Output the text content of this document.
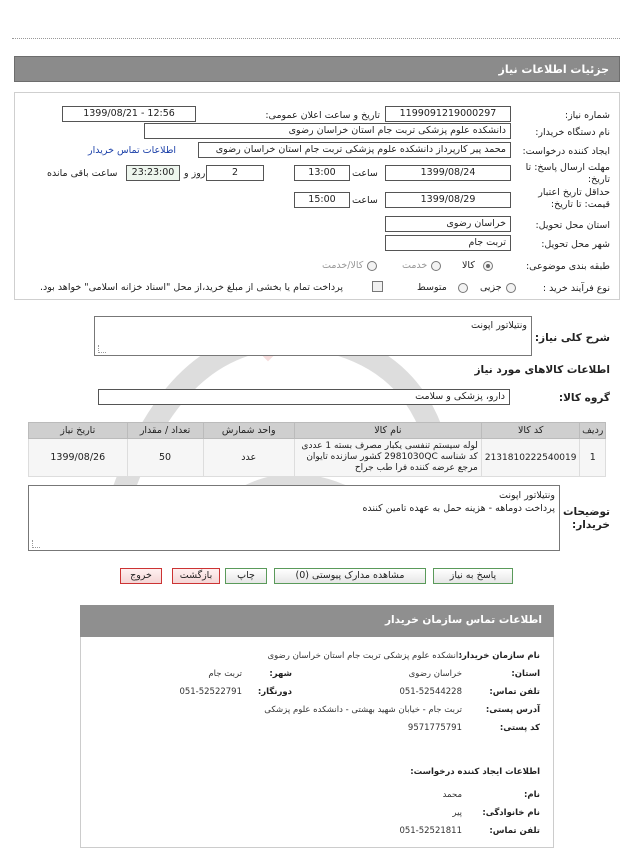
جزئیات اطلاعات نیاز
شماره نیاز:
1199091219000297
تاریخ و ساعت اعلان عمومی:
1399/08/21 - 12:56
نام دستگاه خریدار:
دانشکده علوم پزشکی تربت جام استان خراسان رضوی
ایجاد کننده درخواست:
محمد پیر کارپرداز دانشکده علوم پزشکی تربت جام استان خراسان رضوی
اطلاعات تماس خریدار
مهلت ارسال پاسخ: تا تاریخ:
1399/08/24
ساعت
13:00
2
روز و
23:23:00
ساعت باقی مانده
حداقل تاریخ اعتبار قیمت: تا تاریخ:
1399/08/29
ساعت
15:00
استان محل تحویل:
خراسان رضوی
شهر محل تحویل:
تربت جام
طبقه بندی موضوعی:
کالا
خدمت
کالا/خدمت
نوع فرآیند خرید :
جزیی
متوسط
پرداخت تمام یا بخشی از مبلغ خرید،از محل "اسناد خزانه اسلامی" خواهد بود.
شرح کلی نیاز:
ونتیلاتور اپونت
اطلاعات کالاهای مورد نیاز
گروه کالا:
دارو، پزشکی و سلامت
ردیف	کد کالا	نام کالا	واحد شمارش	تعداد / مقدار	تاریخ نیاز
1	2131810222540019	لوله سیستم تنفسی یکبار مصرف بسته 1 عددی کد شناسه 2981030QC کشور سازنده تایوان مرجع عرضه کننده فرا طب جراح	عدد	50	1399/08/26
توضیحات خریدار:
ونتیلاتور اپونت
پرداخت دوماهه - هزینه حمل به عهده تامین کننده
پاسخ به نیاز
مشاهده مدارک پیوستی (0)
چاپ
بازگشت
خروج
اطلاعات تماس سازمان خریدار
نام سازمان خریدار:
دانشکده علوم پزشکی تربت جام استان خراسان رضوی
استان:
خراسان رضوی
شهر:
تربت جام
تلفن تماس:
051-52544228
دورنگار:
051-52522791
آدرس پستی:
تربت جام - خیابان شهید بهشتی - دانشکده علوم پزشکی
کد پستی:
9571775791
اطلاعات ایجاد کننده درخواست:
نام:
محمد
نام خانوادگی:
پیر
تلفن تماس:
051-52521811
